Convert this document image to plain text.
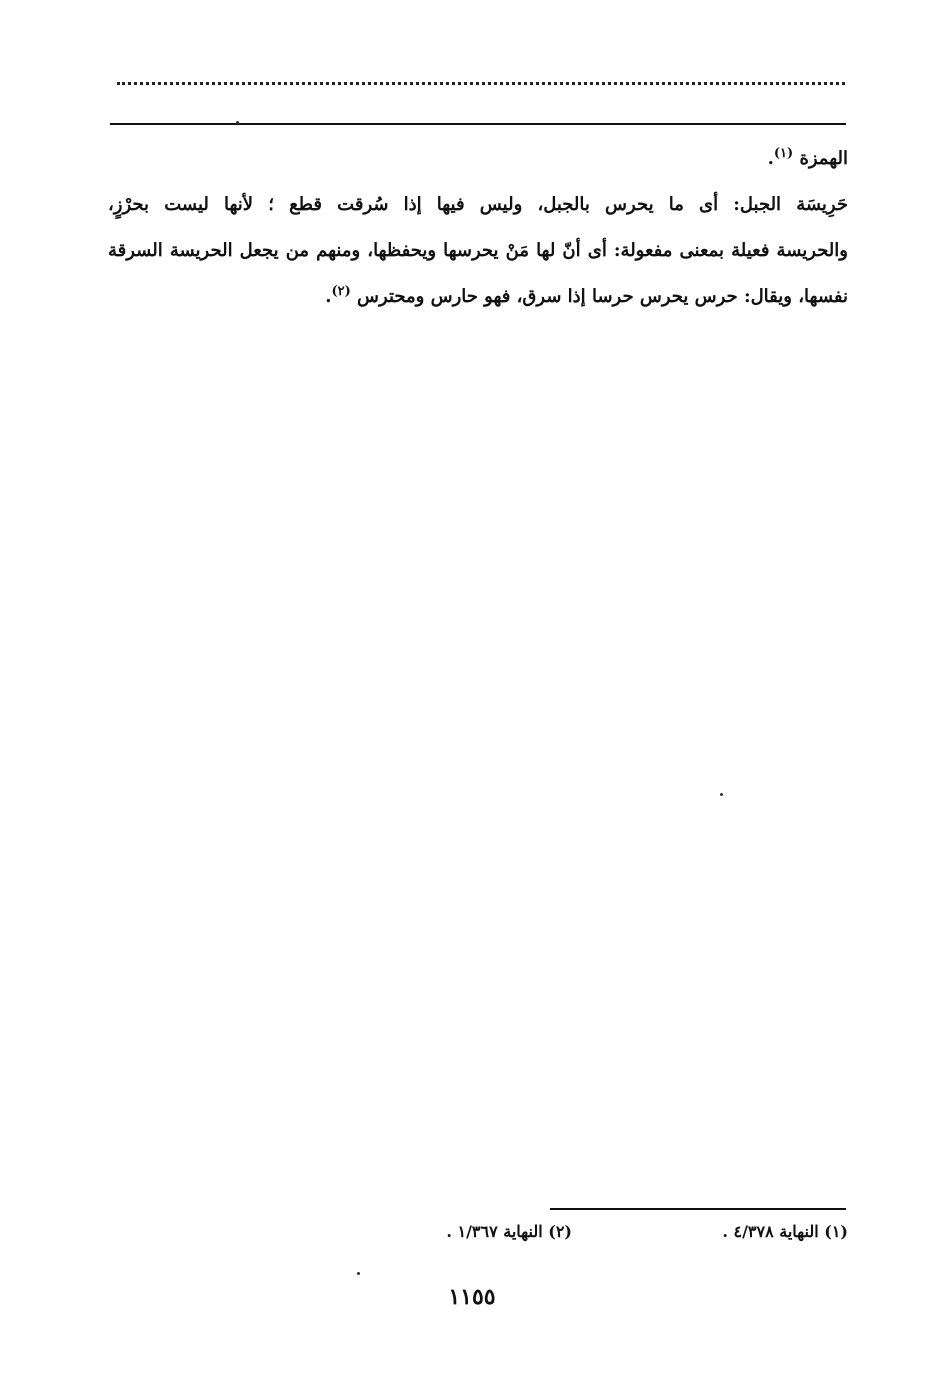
الهمزة $^{(١)}$.
حَرِيسَة الجبل: أى ما يحرس بالجبل، وليس فيها إذا سُرقت قطع ؛ لأنها ليست بحرْزٍ،
والحريسة فعيلة بمعنى مفعولة: أى أنّ لها مَنْ يحرسها ويحفظها، ومنهم من يجعل الحريسة السرقة
نفسها، ويقال: حرس يحرس حرسا إذا سرق، فهو حارس ومحترس $^{(٢)}$.
(١) النهاية ٤/٣٧٨ .
(٢) النهاية ١/٣٦٧ .
١١٥٥
